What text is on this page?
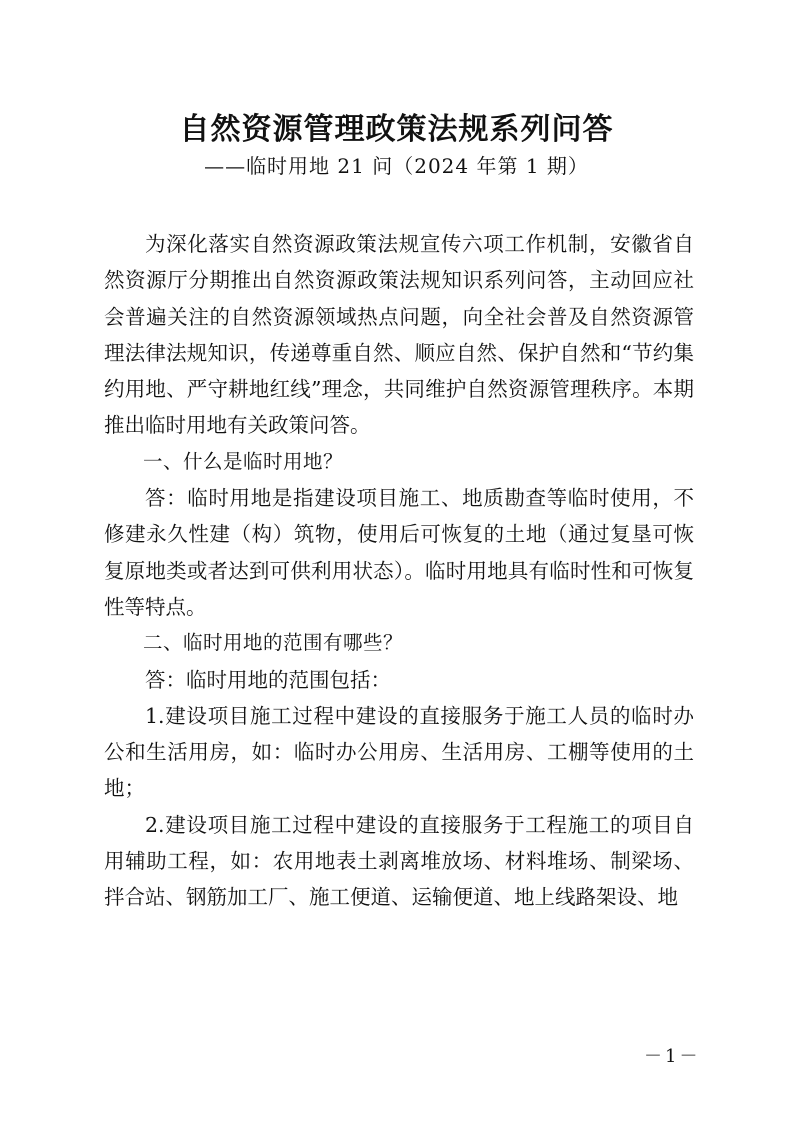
自然资源管理政策法规系列问答
——临时用地 21 问（2024 年第 1 期）

为深化落实自然资源政策法规宣传六项工作机制，安徽省自然资源厅分期推出自然资源政策法规知识系列问答，主动回应社会普遍关注的自然资源领域热点问题，向全社会普及自然资源管理法律法规知识，传递尊重自然、顺应自然、保护自然和“节约集约用地、严守耕地红线”理念，共同维护自然资源管理秩序。本期推出临时用地有关政策问答。

一、什么是临时用地？

答：临时用地是指建设项目施工、地质勘查等临时使用，不修建永久性建（构）筑物，使用后可恢复的土地（通过复垦可恢复原地类或者达到可供利用状态）。临时用地具有临时性和可恢复性等特点。

二、临时用地的范围有哪些？

答：临时用地的范围包括：

1.建设项目施工过程中建设的直接服务于施工人员的临时办公和生活用房，如：临时办公用房、生活用房、工棚等使用的土地；

2.建设项目施工过程中建设的直接服务于工程施工的项目自用辅助工程，如：农用地表土剥离堆放场、材料堆场、制梁场、拌合站、钢筋加工厂、施工便道、运输便道、地上线路架设、地

－1－
